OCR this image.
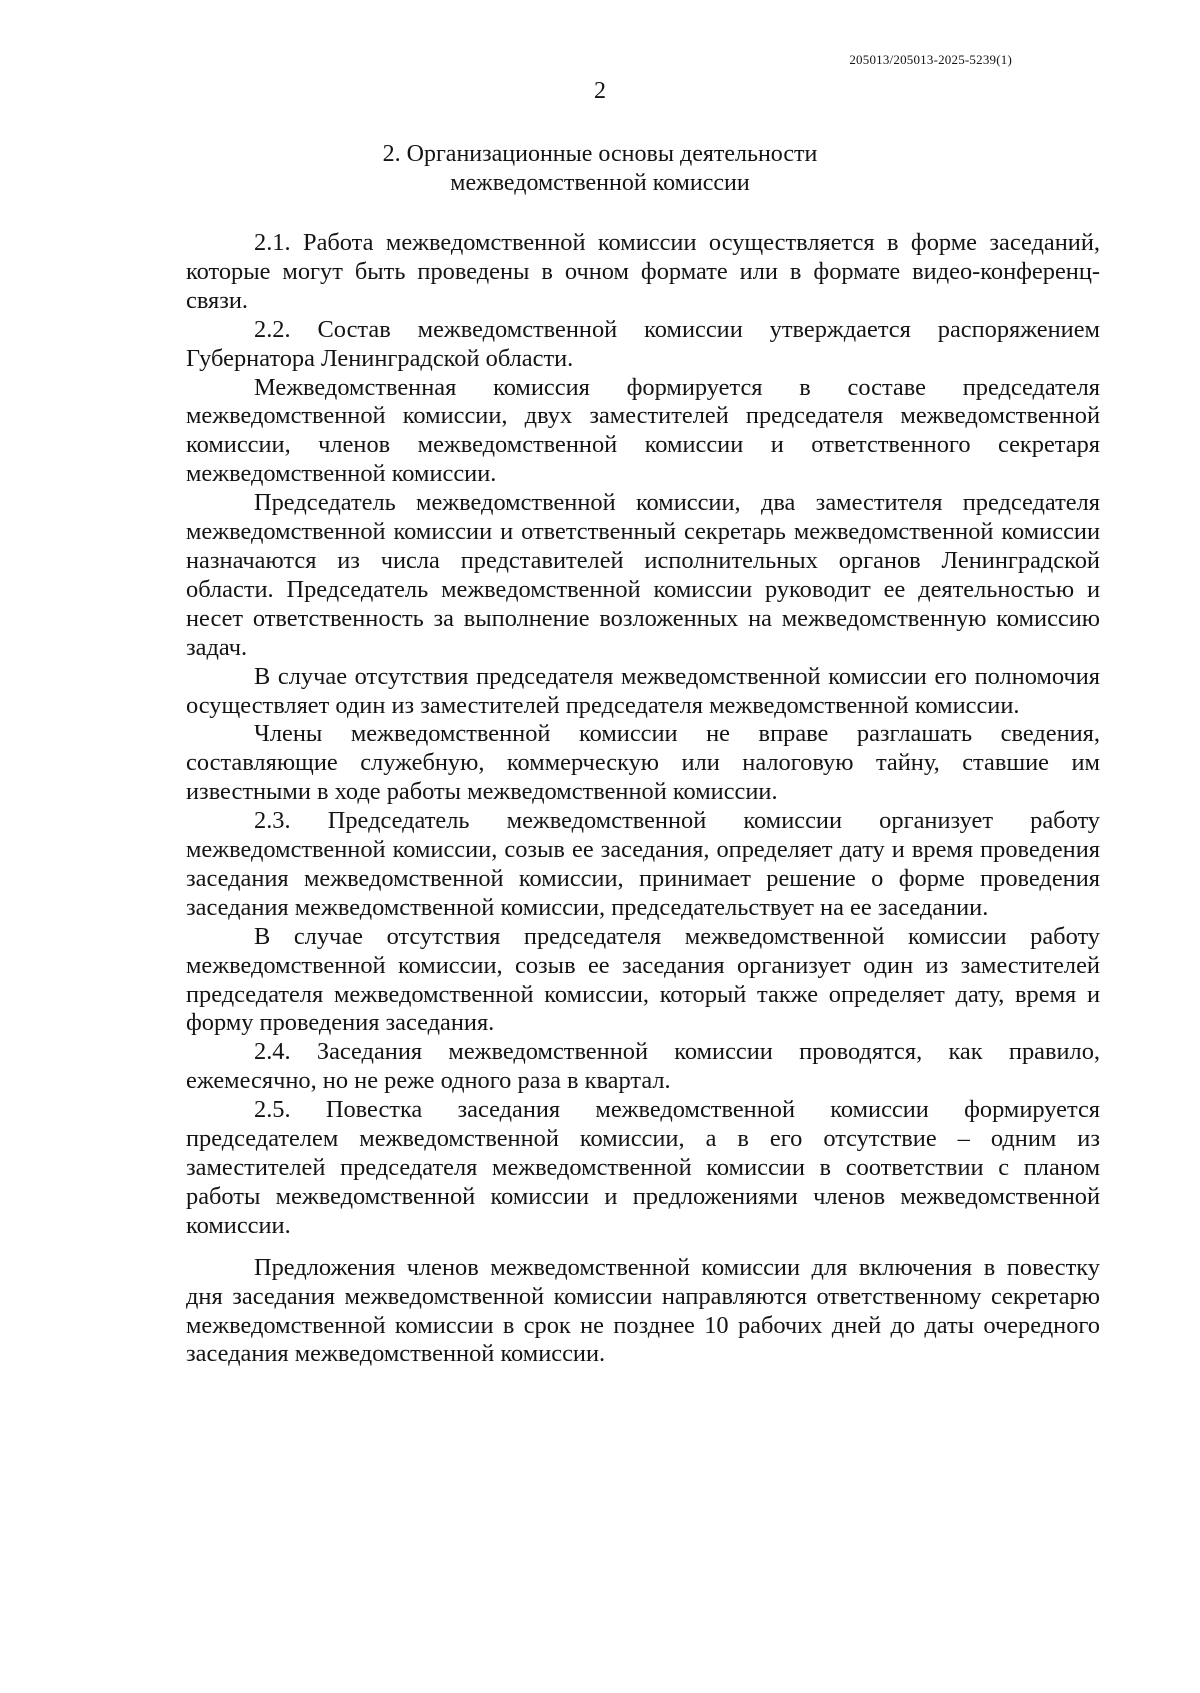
205013/205013-2025-5239(1)
2
2. Организационные основы деятельности
межведомственной комиссии

2.1. Работа межведомственной комиссии осуществляется в форме заседаний, которые могут быть проведены в очном формате или в формате видео-конференц-связи.

2.2. Состав межведомственной комиссии утверждается распоряжением Губернатора Ленинградской области.

Межведомственная комиссия формируется в составе председателя межведомственной комиссии, двух заместителей председателя межведомственной комиссии, членов межведомственной комиссии и ответственного секретаря межведомственной комиссии.

Председатель межведомственной комиссии, два заместителя председателя межведомственной комиссии и ответственный секретарь межведомственной комиссии назначаются из числа представителей исполнительных органов Ленинградской области. Председатель межведомственной комиссии руководит ее деятельностью и несет ответственность за выполнение возложенных на межведомственную комиссию задач.

В случае отсутствия председателя межведомственной комиссии его полномочия осуществляет один из заместителей председателя межведомственной комиссии.

Члены межведомственной комиссии не вправе разглашать сведения, составляющие служебную, коммерческую или налоговую тайну, ставшие им известными в ходе работы межведомственной комиссии.

2.3. Председатель межведомственной комиссии организует работу межведомственной комиссии, созыв ее заседания, определяет дату и время проведения заседания межведомственной комиссии, принимает решение о форме проведения заседания межведомственной комиссии, председательствует на ее заседании.

В случае отсутствия председателя межведомственной комиссии работу межведомственной комиссии, созыв ее заседания организует один из заместителей председателя межведомственной комиссии, который также определяет дату, время и форму проведения заседания.

2.4. Заседания межведомственной комиссии проводятся, как правило, ежемесячно, но не реже одного раза в квартал.

2.5. Повестка заседания межведомственной комиссии формируется председателем межведомственной комиссии, а в его отсутствие – одним из заместителей председателя межведомственной комиссии в соответствии с планом работы межведомственной комиссии и предложениями членов межведомственной комиссии.

Предложения членов межведомственной комиссии для включения в повестку дня заседания межведомственной комиссии направляются ответственному секретарю межведомственной комиссии в срок не позднее 10 рабочих дней до даты очередного заседания межведомственной комиссии.
